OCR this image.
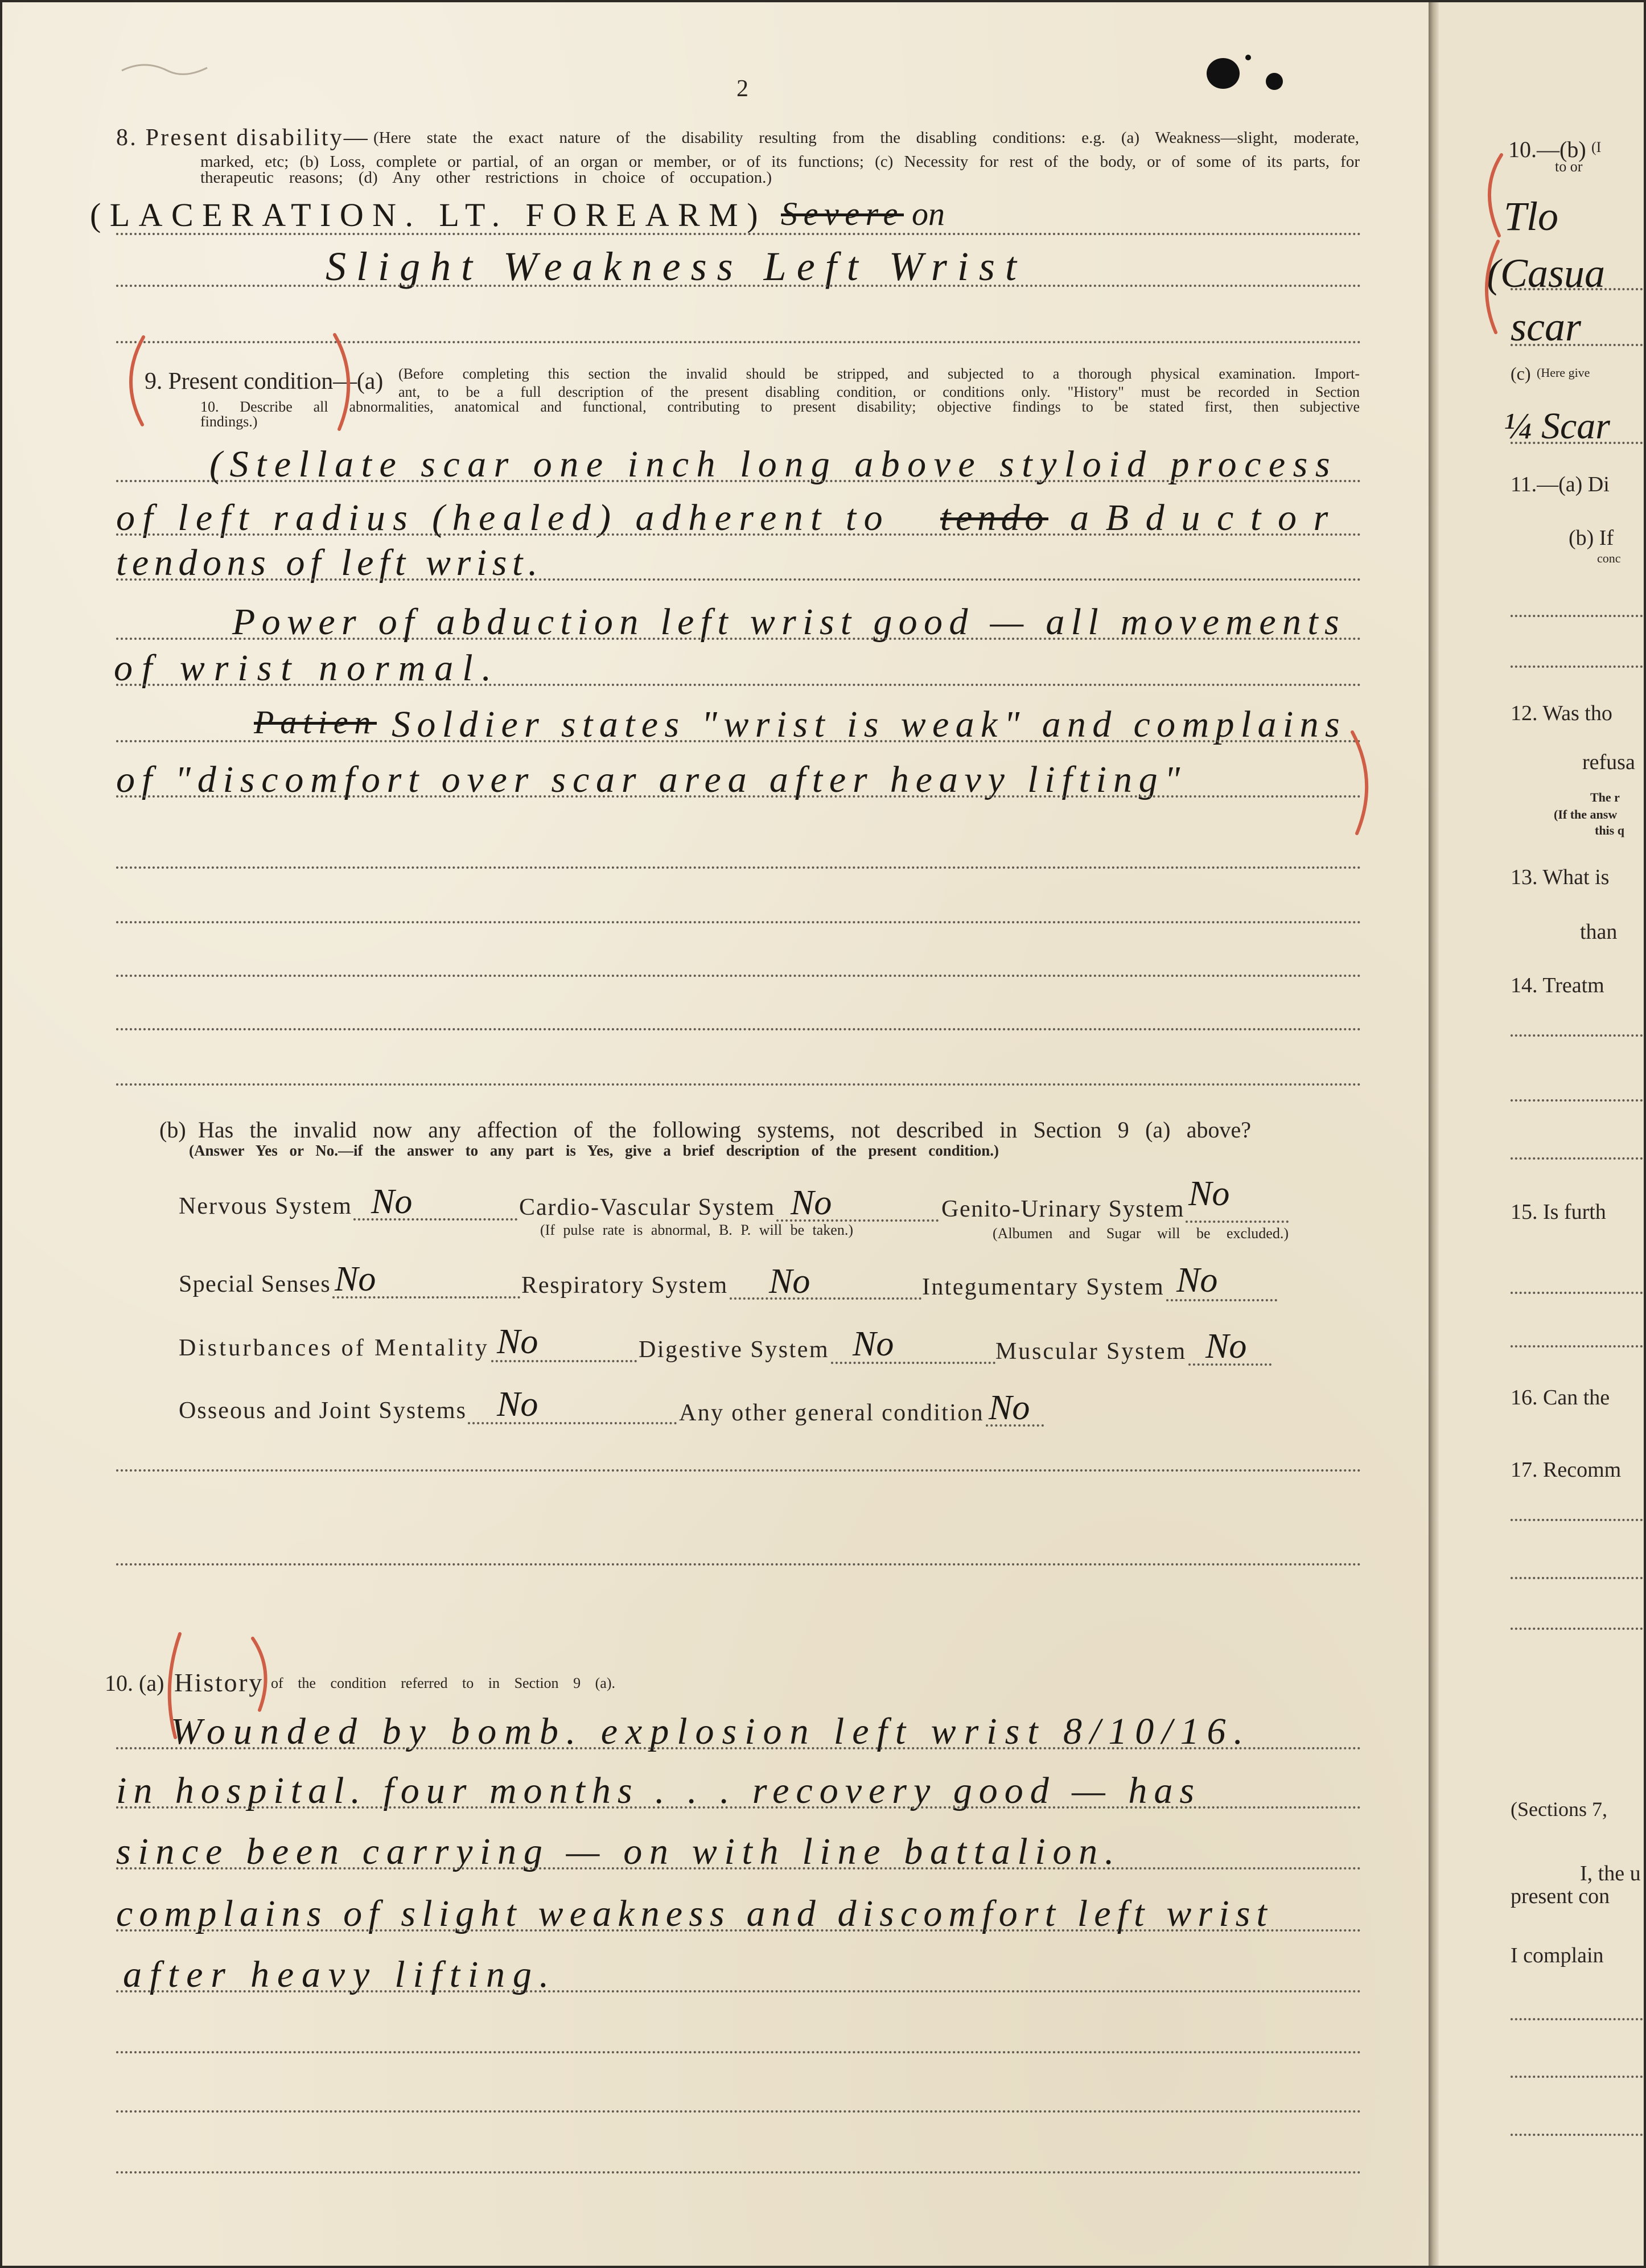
2
8. Present disability— (Here state the exact nature of the disability resulting from the disabling conditions: e.g. (a) Weakness—slight, moderate,
marked, etc; (b) Loss, complete or partial, of an organ or member, or of its functions; (c) Necessity for rest of the body, or of some of its parts, for
therapeutic reasons; (d) Any other restrictions in choice of occupation.)
(LACERATION. LT. FOREARM) Severe on
Slight Weakness Left Wrist
9. Present condition—(a) (Before completing this section the invalid should be stripped, and subjected to a thorough physical examination. Import-
ant, to be a full description of the present disabling condition, or conditions only. "History" must be recorded in Section
10. Describe all abnormalities, anatomical and functional, contributing to present disability; objective findings to be stated first, then subjective
findings.)
(Stellate scar one inch long above styloid process
of left radius (healed) adherent to tendo aBductor
tendons of left wrist.
Power of abduction left wrist good — all movements
of wrist normal.
Patien Soldier states "wrist is weak" and complains
of "discomfort over scar area after heavy lifting"
(b) Has the invalid now any affection of the following systems, not described in Section 9 (a) above?
(Answer Yes or No.—if the answer to any part is Yes, give a brief description of the present condition.)
Nervous System No	Cardio-Vascular System No	Genito-Urinary System No
(If pulse rate is abnormal, B. P. will be taken.)	(Albumen and Sugar will be excluded.)
Special Senses No	Respiratory System No	Integumentary System No
Disturbances of Mentality No	Digestive System No	Muscular System No
Osseous and Joint Systems No	Any other general condition No
10. (a) History of the condition referred to in Section 9 (a).
Wounded by bomb. explosion left wrist 8/10/16.
in hospital. four months . . . recovery good — has
since been carrying — on with line battalion.
complains of slight weakness and discomfort left wrist
after heavy lifting.
10.—(b) (I
to or
Tlo
(Casua
scar
(c) (Here give
¼ Scar
11.—(a) Di
(b) If
conc
12. Was tho
refusa
The r
(If the answ
this q
13. What is
than
14. Treatm
15. Is furth
16. Can the
17. Recomm
(Sections 7,
I, the u
present con
I complain
